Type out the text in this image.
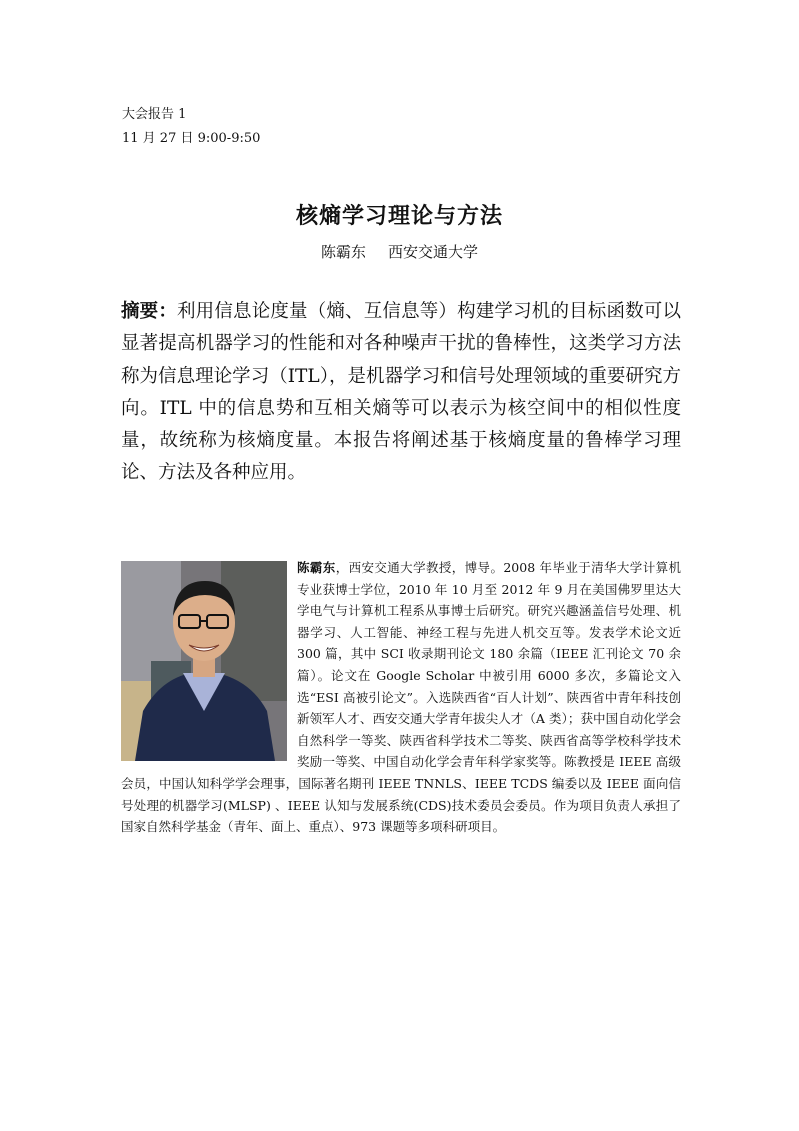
大会报告 1
11 月 27 日 9:00-9:50
核熵学习理论与方法
陈霸东 西安交通大学
摘要：利用信息论度量（熵、互信息等）构建学习机的目标函数可以显著提高机器学习的性能和对各种噪声干扰的鲁棒性，这类学习方法称为信息理论学习（ITL），是机器学习和信号处理领域的重要研究方向。ITL 中的信息势和互相关熵等可以表示为核空间中的相似性度量，故统称为核熵度量。本报告将阐述基于核熵度量的鲁棒学习理论、方法及各种应用。
陈霸东，西安交通大学教授，博导。2008 年毕业于清华大学计算机专业获博士学位，2010 年 10 月至 2012 年 9 月在美国佛罗里达大学电气与计算机工程系从事博士后研究。研究兴趣涵盖信号处理、机器学习、人工智能、神经工程与先进人机交互等。发表学术论文近 300 篇，其中 SCI 收录期刊论文 180 余篇（IEEE 汇刊论文 70 余篇）。论文在 Google Scholar 中被引用 6000 多次，多篇论文入选“ESI 高被引论文”。入选陕西省“百人计划”、陕西省中青年科技创新领军人才、西安交通大学青年拔尖人才（A 类）；获中国自动化学会自然科学一等奖、陕西省科学技术二等奖、陕西省高等学校科学技术奖励一等奖、中国自动化学会青年科学家奖等。陈教授是 IEEE 高级会员，中国认知科学学会理事，国际著名期刊 IEEE TNNLS、IEEE TCDS 编委以及 IEEE 面向信号处理的机器学习(MLSP) 、IEEE 认知与发展系统(CDS)技术委员会委员。作为项目负责人承担了国家自然科学基金（青年、面上、重点）、973 课题等多项科研项目。
